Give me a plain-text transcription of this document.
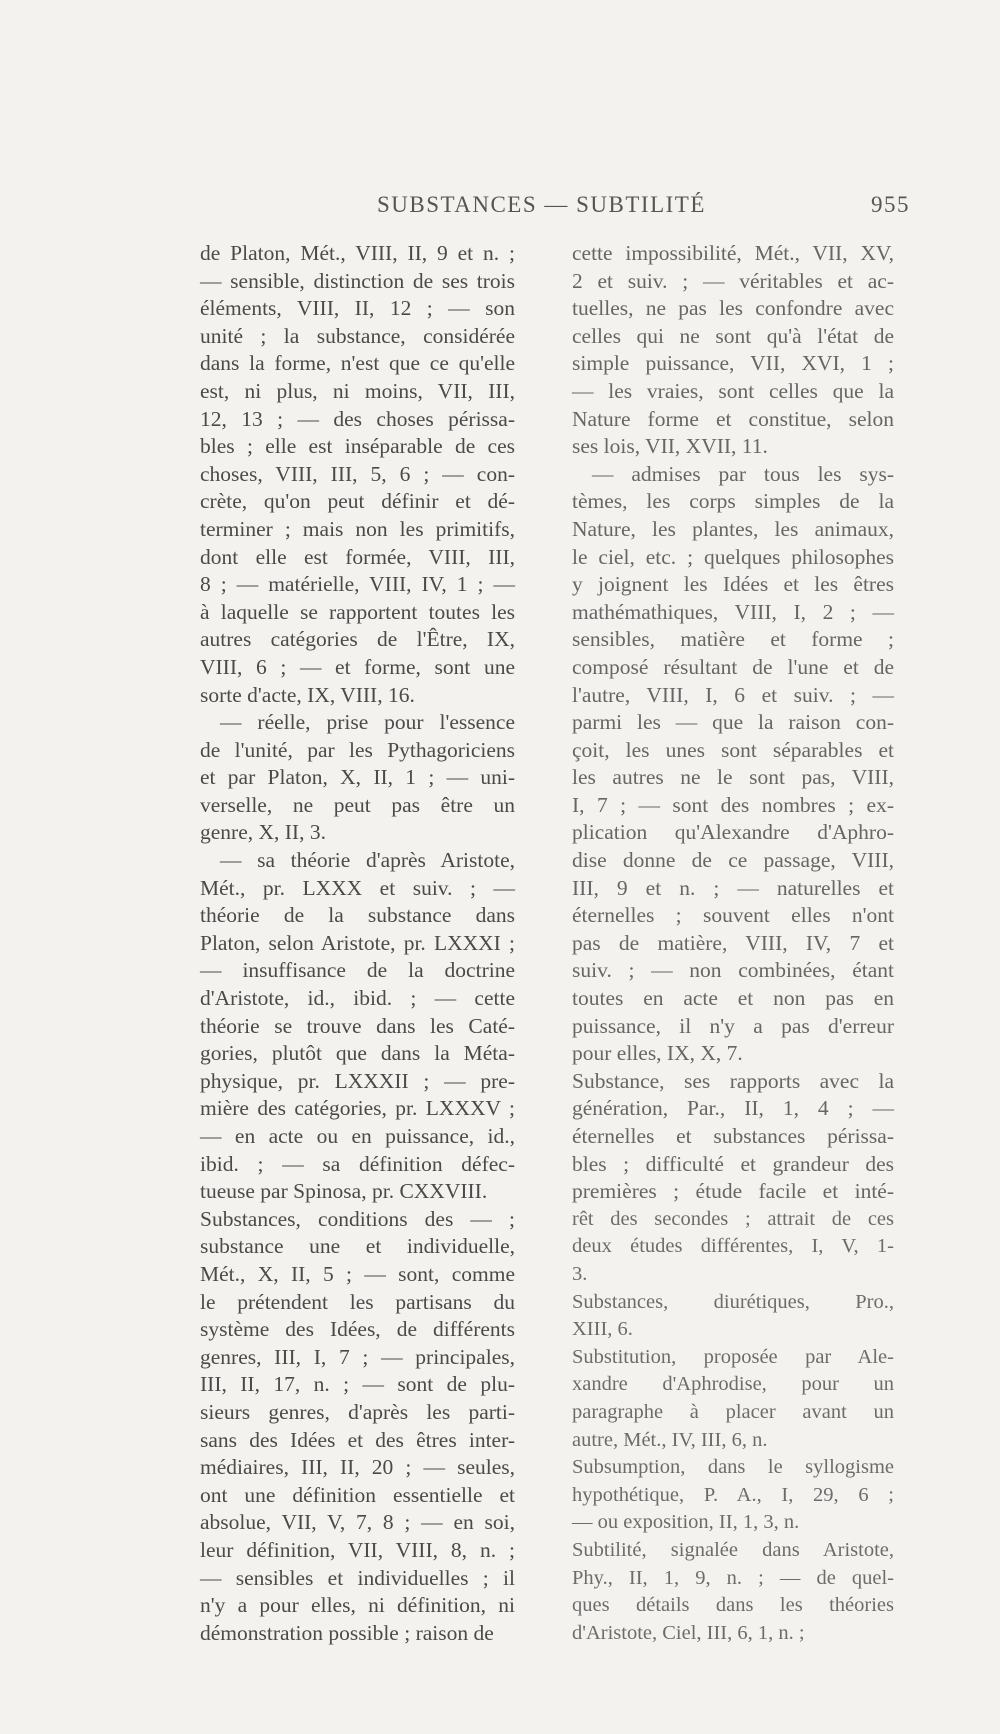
SUBSTANCES — SUBTILITÉ	955
de Platon, Mét., VIII, II, 9 et n. ;
— sensible, distinction de ses trois
éléments, VIII, II, 12 ; — son
unité ; la substance, considérée
dans la forme, n'est que ce qu'elle
est, ni plus, ni moins, VII, III,
12, 13 ; — des choses périssa-
bles ; elle est inséparable de ces
choses, VIII, III, 5, 6 ; — con-
crète, qu'on peut définir et dé-
terminer ; mais non les primitifs,
dont elle est formée, VIII, III,
8 ; — matérielle, VIII, IV, 1 ; —
à laquelle se rapportent toutes les
autres catégories de l'Être, IX,
VIII, 6 ; — et forme, sont une
sorte d'acte, IX, VIII, 16.
— réelle, prise pour l'essence
de l'unité, par les Pythagoriciens
et par Platon, X, II, 1 ; — uni-
verselle, ne peut pas être un
genre, X, II, 3.
— sa théorie d'après Aristote,
Mét., pr. LXXX et suiv. ; —
théorie de la substance dans
Platon, selon Aristote, pr. LXXXI ;
— insuffisance de la doctrine
d'Aristote, id., ibid. ; — cette
théorie se trouve dans les Caté-
gories, plutôt que dans la Méta-
physique, pr. LXXXII ; — pre-
mière des catégories, pr. LXXXV ;
— en acte ou en puissance, id.,
ibid. ; — sa définition défec-
tueuse par Spinosa, pr. CXXVIII.
Substances, conditions des — ;
substance une et individuelle,
Mét., X, II, 5 ; — sont, comme
le prétendent les partisans du
système des Idées, de différents
genres, III, I, 7 ; — principales,
III, II, 17, n. ; — sont de plu-
sieurs genres, d'après les parti-
sans des Idées et des êtres inter-
médiaires, III, II, 20 ; — seules,
ont une définition essentielle et
absolue, VII, V, 7, 8 ; — en soi,
leur définition, VII, VIII, 8, n. ;
— sensibles et individuelles ; il
n'y a pour elles, ni définition, ni
démonstration possible ; raison de
cette impossibilité, Mét., VII, XV,
2 et suiv. ; — véritables et ac-
tuelles, ne pas les confondre avec
celles qui ne sont qu'à l'état de
simple puissance, VII, XVI, 1 ;
— les vraies, sont celles que la
Nature forme et constitue, selon
ses lois, VII, XVII, 11.
— admises par tous les sys-
tèmes, les corps simples de la
Nature, les plantes, les animaux,
le ciel, etc. ; quelques philosophes
y joignent les Idées et les êtres
mathémathiques, VIII, I, 2 ; —
sensibles, matière et forme ;
composé résultant de l'une et de
l'autre, VIII, I, 6 et suiv. ; —
parmi les — que la raison con-
çoit, les unes sont séparables et
les autres ne le sont pas, VIII,
I, 7 ; — sont des nombres ; ex-
plication qu'Alexandre d'Aphro-
dise donne de ce passage, VIII,
III, 9 et n. ; — naturelles et
éternelles ; souvent elles n'ont
pas de matière, VIII, IV, 7 et
suiv. ; — non combinées, étant
toutes en acte et non pas en
puissance, il n'y a pas d'erreur
pour elles, IX, X, 7.
Substance, ses rapports avec la
génération, Par., II, 1, 4 ; —
éternelles et substances périssa-
bles ; difficulté et grandeur des
premières ; étude facile et inté-
rêt des secondes ; attrait de ces
deux études différentes, I, V, 1-
3.
Substances, diurétiques, Pro.,
XIII, 6.
Substitution, proposée par Ale-
xandre d'Aphrodise, pour un
paragraphe à placer avant un
autre, Mét., IV, III, 6, n.
Subsumption, dans le syllogisme
hypothétique, P. A., I, 29, 6 ;
— ou exposition, II, 1, 3, n.
Subtilité, signalée dans Aristote,
Phy., II, 1, 9, n. ; — de quel-
ques détails dans les théories
d'Aristote, Ciel, III, 6, 1, n. ;
